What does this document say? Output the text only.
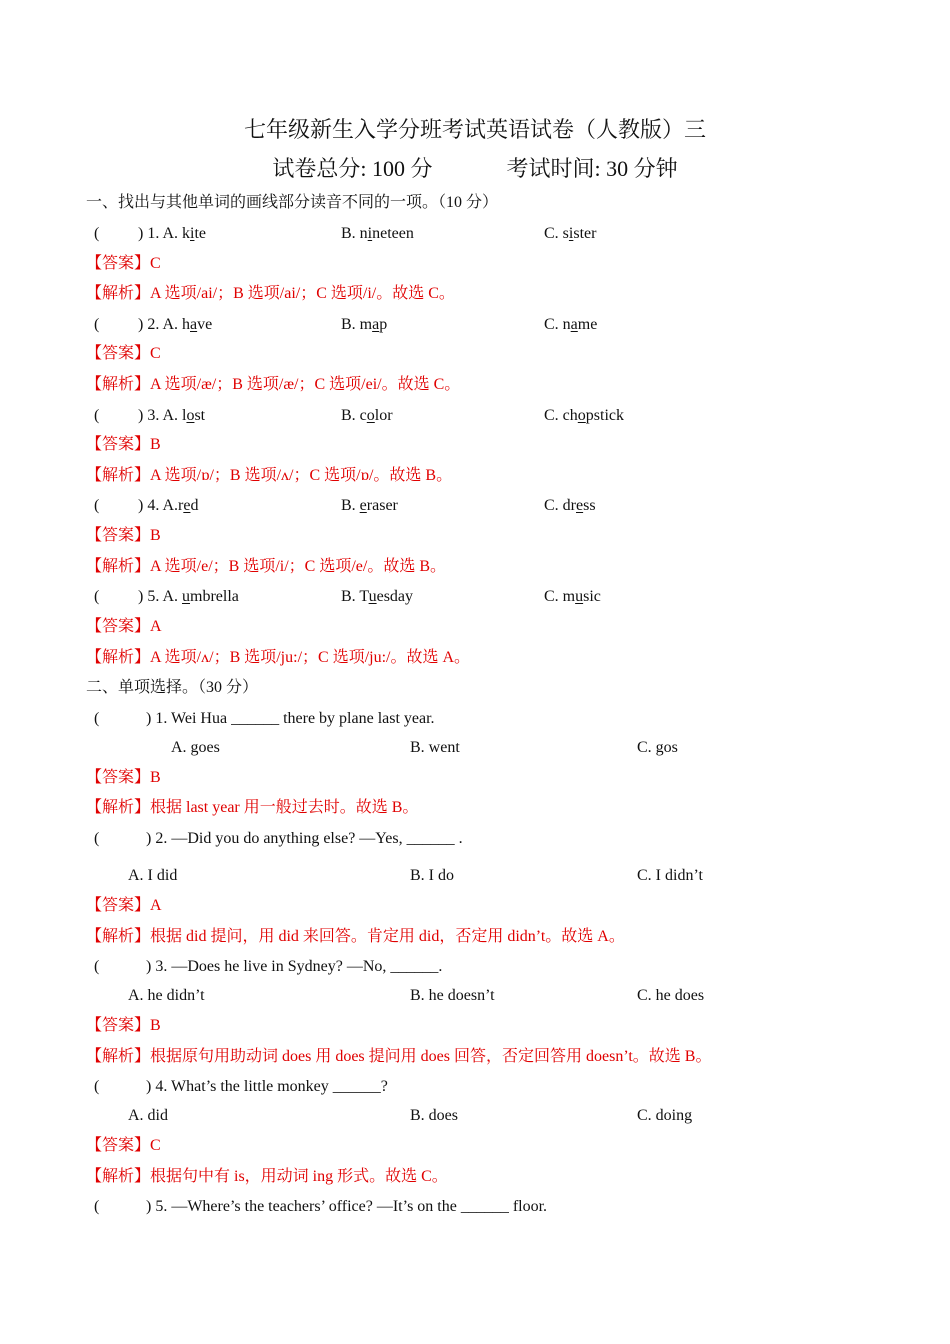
七年级新生入学分班考试英语试卷（人教版）三
试卷总分: 100 分	考试时间: 30 分钟
一、找出与其他单词的画线部分读音不同的一项。（10 分）
( ) 1. A. kite	B. nineteen	C. sister
【答案】C
【解析】A 选项/ai/；B 选项/ai/；C 选项/i/。故选 C。
( ) 2. A. have	B. map	C. name
【答案】C
【解析】A 选项/æ/；B 选项/æ/；C 选项/ei/。故选 C。
( ) 3. A. lost	B. color	C. chopstick
【答案】B
【解析】A 选项/ɒ/；B 选项/ʌ/；C 选项/ɒ/。故选 B。
( ) 4. A.red	B. eraser	C. dress
【答案】B
【解析】A 选项/e/；B 选项/i/；C 选项/e/。故选 B。
( ) 5. A. umbrella	B. Tuesday	C. music
【答案】A
【解析】A 选项/ʌ/；B 选项/ju:/；C 选项/ju:/。故选 A。
二、单项选择。（30 分）
(	) 1. Wei Hua ______ there by plane last year.
A. goes	B. went	C. gos
【答案】B
【解析】根据 last year 用一般过去时。故选 B。
(	) 2. —Did you do anything else? —Yes, ______ .
A. I did	B. I do	C. I didn’t
【答案】A
【解析】根据 did 提问，用 did 来回答。肯定用 did，否定用 didn’t。故选 A。
(	) 3. —Does he live in Sydney? —No, ______.
A. he didn’t	B. he doesn’t	C. he does
【答案】B
【解析】根据原句用助动词 does 用 does 提问用 does 回答，否定回答用 doesn’t。故选 B。
(	) 4. What’s the little monkey ______?
A. did	B. does	C. doing
【答案】C
【解析】根据句中有 is，用动词 ing 形式。故选 C。
(	) 5. —Where’s the teachers’ office? —It’s on the ______ floor.
